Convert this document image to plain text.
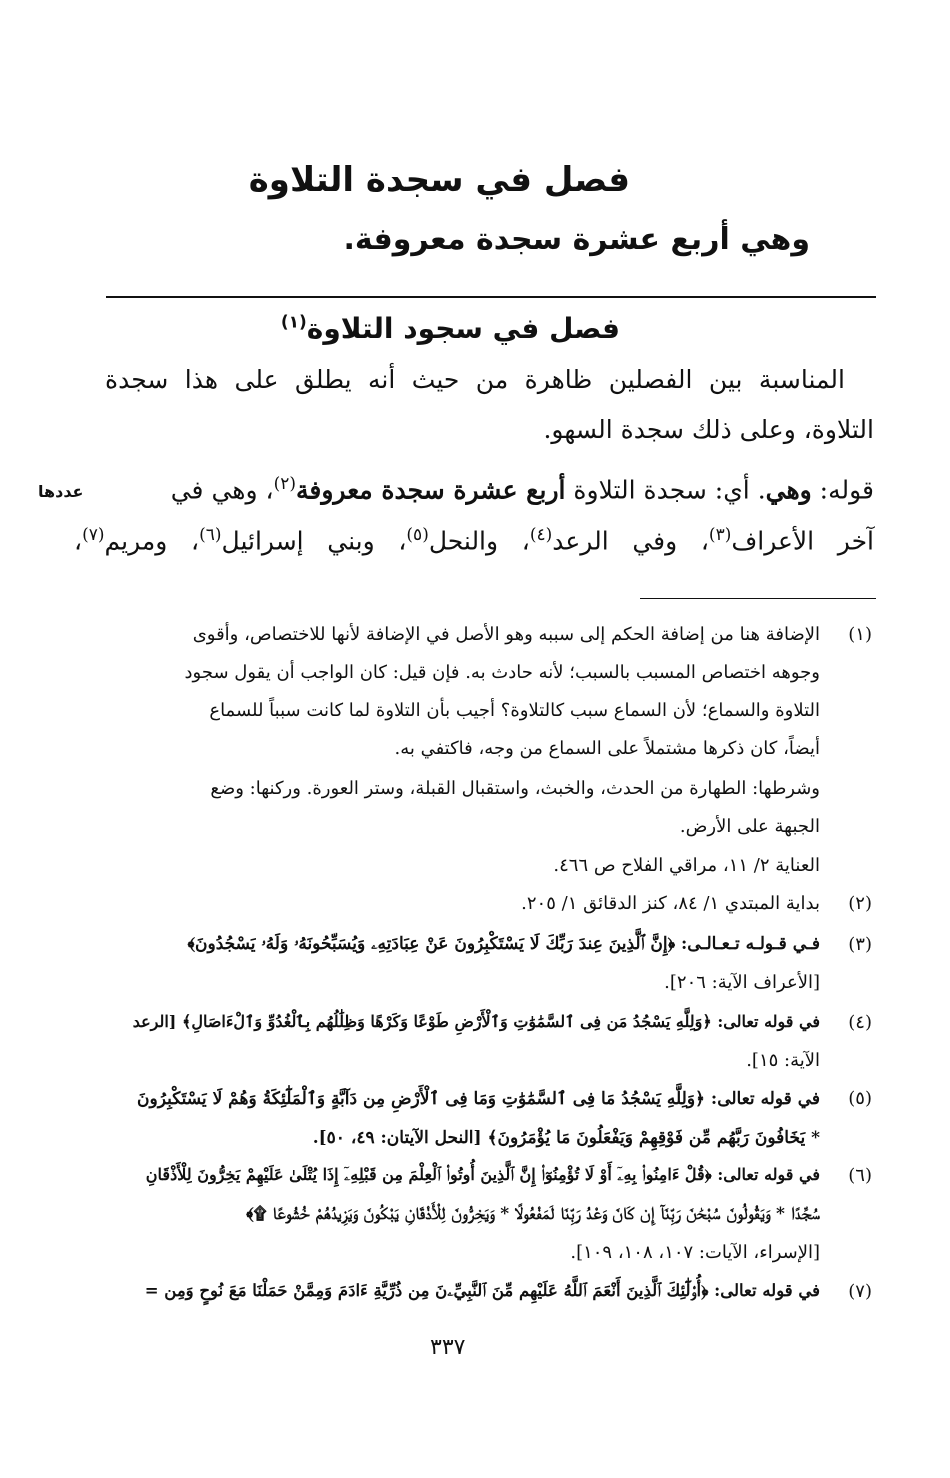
فصل في سجدة التلاوة
وهي أربع عشرة سجدة معروفة.
فصل في سجود التلاوة$^{(١)}$
المناسبة بين الفصلين ظاهرة من حيث أنه يطلق على هذا سجدة
التلاوة، وعلى ذلك سجدة السهو.
قوله: وهي. أي: سجدة التلاوة أربع عشرة سجدة معروفة$^{(٢)}$، وهي في
آخر الأعراف$^{(٣)}$، وفي الرعد$^{(٤)}$، والنحل$^{(٥)}$، وبني إسرائيل$^{(٦)}$، ومريم$^{(٧)}$،
عددها
(١)
الإضافة هنا من إضافة الحكم إلى سببه وهو الأصل في الإضافة لأنها للاختصاص، وأقوى
وجوهه اختصاص المسبب بالسبب؛ لأنه حادث به. فإن قيل: كان الواجب أن يقول سجود
التلاوة والسماع؛ لأن السماع سبب كالتلاوة؟ أجيب بأن التلاوة لما كانت سبباً للسماع
أيضاً، كان ذكرها مشتملاً على السماع من وجه، فاكتفي به.
وشرطها: الطهارة من الحدث، والخبث، واستقبال القبلة، وستر العورة. وركنها: وضع
الجبهة على الأرض.
العناية ٢/ ١١، مراقي الفلاح ص ٤٦٦.
(٢)
بداية المبتدي ١/ ٨٤، كنز الدقائق ١/ ٢٠٥.
(٣)
فـي قـولـه تـعـالـى: ﴿إِنَّ ٱلَّذِينَ عِندَ رَبِّكَ لَا يَسْتَكْبِرُونَ عَنْ عِبَادَتِهِۦ وَيُسَبِّحُونَهُۥ وَلَهُۥ يَسْجُدُونَ﴾
[الأعراف الآية: ٢٠٦].
(٤)
في قوله تعالى: ﴿وَلِلَّهِ يَسْجُدُ مَن فِى ٱلسَّمَٰوَٰتِ وَٱلْأَرْضِ طَوْعًا وَكَرْهًا وَظِلَٰلُهُم بِٱلْغُدُوِّ وَٱلْءَاصَالِ﴾ [الرعد
الآية: ١٥].
(٥)
في قوله تعالى: ﴿وَلِلَّهِ يَسْجُدُ مَا فِى ٱلسَّمَٰوَٰتِ وَمَا فِى ٱلْأَرْضِ مِن دَآبَّةٍ وَٱلْمَلَٰٓئِكَةُ وَهُمْ لَا يَسْتَكْبِرُونَ
* يَخَافُونَ رَبَّهُم مِّن فَوْقِهِمْ وَيَفْعَلُونَ مَا يُؤْمَرُونَ﴾ [النحل الآيتان: ٤٩، ٥٠].
(٦)
في قوله تعالى: ﴿قُلْ ءَامِنُوا۟ بِهِۦٓ أَوْ لَا تُؤْمِنُوٓا۟ إِنَّ ٱلَّذِينَ أُوتُوا۟ ٱلْعِلْمَ مِن قَبْلِهِۦٓ إِذَا يُتْلَىٰ عَلَيْهِمْ يَخِرُّونَ لِلْأَذْقَانِ
سُجَّدًا * وَيَقُولُونَ سُبْحَٰنَ رَبِّنَآ إِن كَانَ وَعْدُ رَبِّنَا لَمَفْعُولًا * وَيَخِرُّونَ لِلْأَذْقَانِ يَبْكُونَ وَيَزِيدُهُمْ خُشُوعًا ۩﴾
[الإسراء، الآيات: ١٠٧، ١٠٨، ١٠٩].
(٧)
في قوله تعالى: ﴿أُو۟لَٰٓئِكَ ٱلَّذِينَ أَنْعَمَ ٱللَّهُ عَلَيْهِم مِّنَ ٱلنَّبِيِّۦنَ مِن ذُرِّيَّةِ ءَادَمَ وَمِمَّنْ حَمَلْنَا مَعَ نُوحٍ وَمِن =
٣٣٧
